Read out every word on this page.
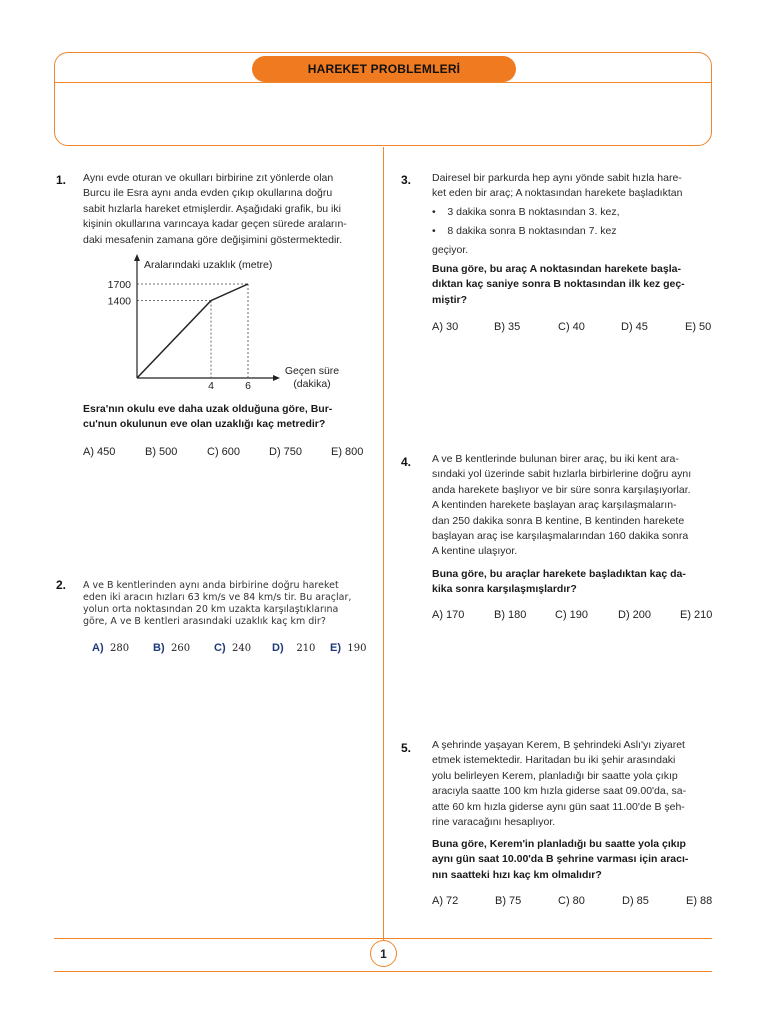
HAREKET PROBLEMLERİ
1
1. Aynı evde oturan ve okulları birbirine zıt yönlerde olan
Burcu ile Esra aynı anda evden çıkıp okullarına doğru
sabit hızlarla hareket etmişlerdir. Aşağıdaki grafik, bu iki
kişinin okullarına varıncaya kadar geçen sürede araların-
daki mesafenin zamana göre değişimini göstermektedir.
Aralarındaki uzaklık (metre)
1700
1400
4	6
Geçen süre
(dakika)
Esra'nın okulu eve daha uzak olduğuna göre, Bur-
cu'nun okulunun eve olan uzaklığı kaç metredir?
A) 450	B) 500	C) 600	D) 750	E) 800
2. A ve B kentlerinden aynı anda birbirine doğru hareket
eden iki aracın hızları 63 km/s ve 84 km/s tir. Bu araçlar,
yolun orta noktasından 20 km uzakta karşılaştıklarına
göre, A ve B kentleri arasındaki uzaklık kaç km dir?
A) 280 B) 260 C) 240 D) 210 E) 190
3. Dairesel bir parkurda hep aynı yönde sabit hızla hare-
ket eden bir araç; A noktasından harekete başladıktan
•    3 dakika sonra B noktasından 3. kez,
•    8 dakika sonra B noktasından 7. kez
geçiyor.
Buna göre, bu araç A noktasından harekete başla-
dıktan kaç saniye sonra B noktasından ilk kez geç-
miştir?
A) 30	B) 35	C) 40	D) 45	E) 50
4. A ve B kentlerinde bulunan birer araç, bu iki kent ara-
sındaki yol üzerinde sabit hızlarla birbirlerine doğru aynı
anda harekete başlıyor ve bir süre sonra karşılaşıyorlar.
A kentinden harekete başlayan araç karşılaşmaların-
dan 250 dakika sonra B kentine, B kentinden harekete
başlayan araç ise karşılaşmalarından 160 dakika sonra
A kentine ulaşıyor.
Buna göre, bu araçlar harekete başladıktan kaç da-
kika sonra karşılaşmışlardır?
A) 170	B) 180	C) 190	D) 200	E) 210
5. A şehrinde yaşayan Kerem, B şehrindeki Aslı'yı ziyaret
etmek istemektedir. Haritadan bu iki şehir arasındaki
yolu belirleyen Kerem, planladığı bir saatte yola çıkıp
aracıyla saatte 100 km hızla giderse saat 09.00'da, sa-
atte 60 km hızla giderse aynı gün saat 11.00'de B şeh-
rine varacağını hesaplıyor.
Buna göre, Kerem'in planladığı bu saatte yola çıkıp
aynı gün saat 10.00'da B şehrine varması için aracı-
nın saatteki hızı kaç km olmalıdır?
A) 72	B) 75	C) 80	D) 85	E) 88
